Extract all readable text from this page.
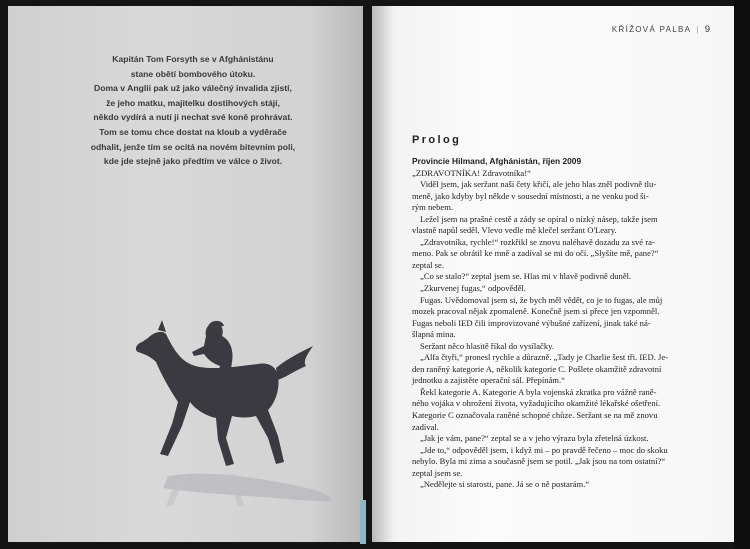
Kapitán Tom Forsyth se v Afghánistánu
stane obětí bombového útoku.
Doma v Anglii pak už jako válečný invalida zjistí,
že jeho matku, majitelku dostihových stájí,
někdo vydírá a nutí ji nechat své koně prohrávat.
Tom se tomu chce dostat na kloub a vyděrače
odhalit, jenže tím se ocitá na novém bitevním poli,
kde jde stejně jako předtím ve válce o život.
KŘÍŽOVÁ PALBA | 9
Prolog
Provincie Hilmand, Afghánistán, říjen 2009
„ZDRAVOTNÍKA! Zdravotníka!“
Viděl jsem, jak seržant naší čety křičí, ale jeho hlas zněl podivně tlu-
meně, jako kdyby byl někde v sousední místnosti, a ne venku pod ši-
rým nebem.
Ležel jsem na prašné cestě a zády se opíral o nízký násep, takže jsem
vlastně napůl seděl. Vlevo vedle mě klečel seržant O'Leary.
„Zdravotníka, rychle!“ rozkřikl se znovu naléhavě dozadu za své ra-
meno. Pak se obrátil ke mně a zadíval se mi do očí. „Slyšíte mě, pane?“
zeptal se.
„Co se stalo?“ zeptal jsem se. Hlas mi v hlavě podivně duněl.
„Zkurvenej fugas,“ odpověděl.
Fugas. Uvědomoval jsem si, že bych měl vědět, co je to fugas, ale můj
mozek pracoval nějak zpomaleně. Konečně jsem si přece jen vzpomněl.
Fugas neboli IED čili improvizované výbušné zařízení, jinak také ná-
šlapná mina.
Seržant něco hlasitě říkal do vysílačky.
„Alfa čtyři,“ pronesl rychle a důrazně. „Tady je Charlie šest tři. IED. Je-
den raněný kategorie A, několik kategorie C. Pošlete okamžitě zdravotní
jednotku a zajistěte operační sál. Přepínám.“
Řekl kategorie A. Kategorie A byla vojenská zkratka pro vážně raně-
ného vojáka v ohrožení života, vyžadujícího okamžité lékařské ošetření.
Kategorie C označovala raněné schopné chůze. Seržant se na mě znovu
zadíval.
„Jak je vám, pane?“ zeptal se a v jeho výrazu byla zřetelná úzkost.
„Jde to,“ odpověděl jsem, i když mi – po pravdě řečeno – moc do skoku
nebylo. Byla mi zima a současně jsem se potil. „Jak jsou na tom ostatní?“
zeptal jsem se.
„Nedělejte si starosti, pane. Já se o ně postarám.“
